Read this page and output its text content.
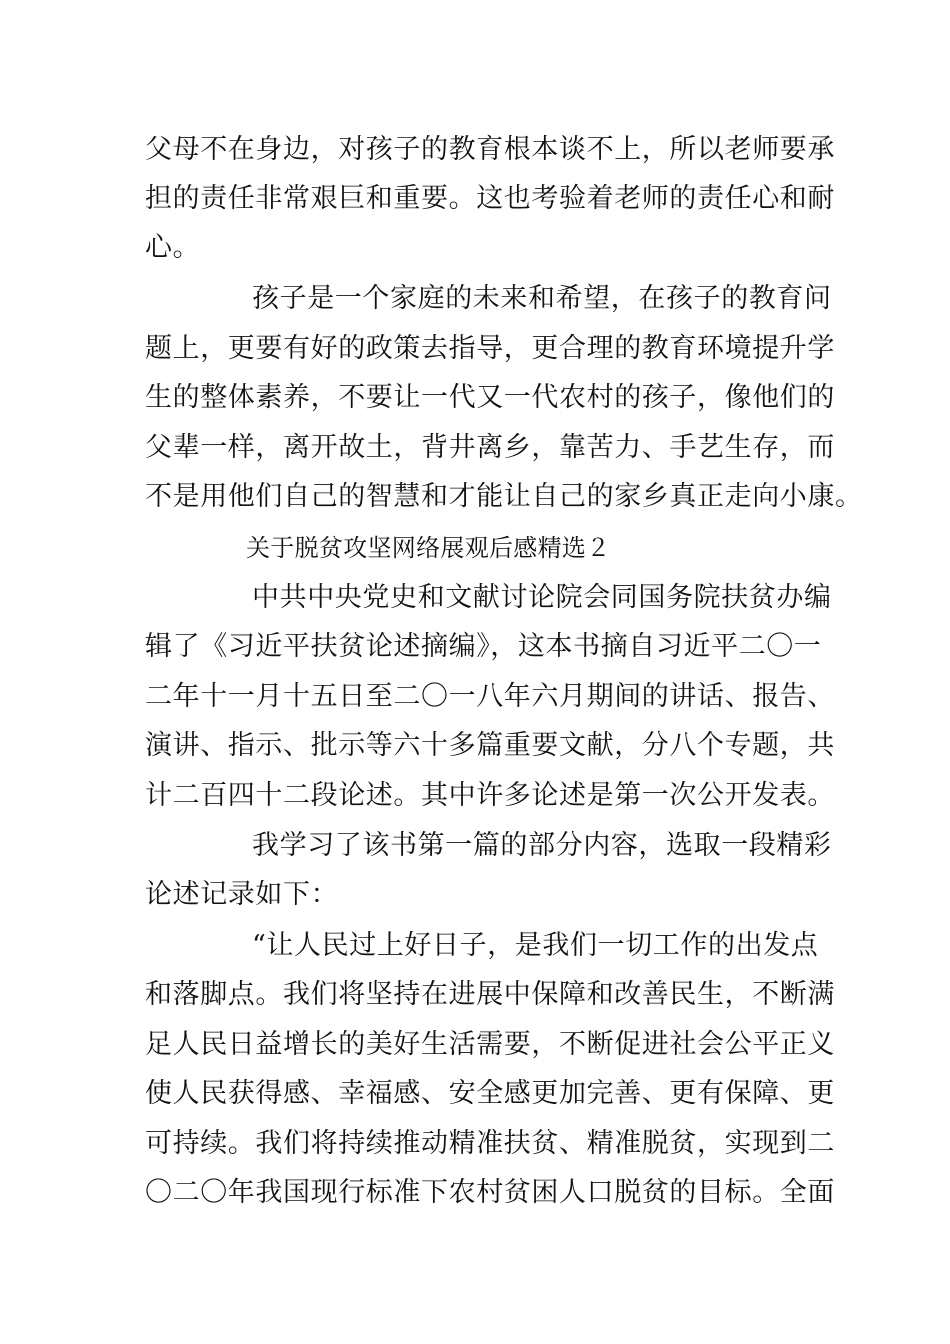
父母不在身边，对孩子的教育根本谈不上，所以老师要承
担的责任非常艰巨和重要。这也考验着老师的责任心和耐
心。
孩子是一个家庭的未来和希望，在孩子的教育问
题上，更要有好的政策去指导，更合理的教育环境提升学
生的整体素养，不要让一代又一代农村的孩子，像他们的
父辈一样，离开故土，背井离乡，靠苦力、手艺生存，而
不是用他们自己的智慧和才能让自己的家乡真正走向小康。
关于脱贫攻坚网络展观后感精选２
中共中央党史和文献讨论院会同国务院扶贫办编
辑了《习近平扶贫论述摘编》，这本书摘自习近平二〇一
二年十一月十五日至二〇一八年六月期间的讲话、报告、
演讲、指示、批示等六十多篇重要文献，分八个专题，共
计二百四十二段论述。其中许多论述是第一次公开发表。
我学习了该书第一篇的部分内容，选取一段精彩
论述记录如下：
“让人民过上好日子，是我们一切工作的出发点
和落脚点。我们将坚持在进展中保障和改善民生，不断满
足人民日益增长的美好生活需要，不断促进社会公平正义
使人民获得感、幸福感、安全感更加完善、更有保障、更
可持续。我们将持续推动精准扶贫、精准脱贫，实现到二
〇二〇年我国现行标准下农村贫困人口脱贫的目标。全面
